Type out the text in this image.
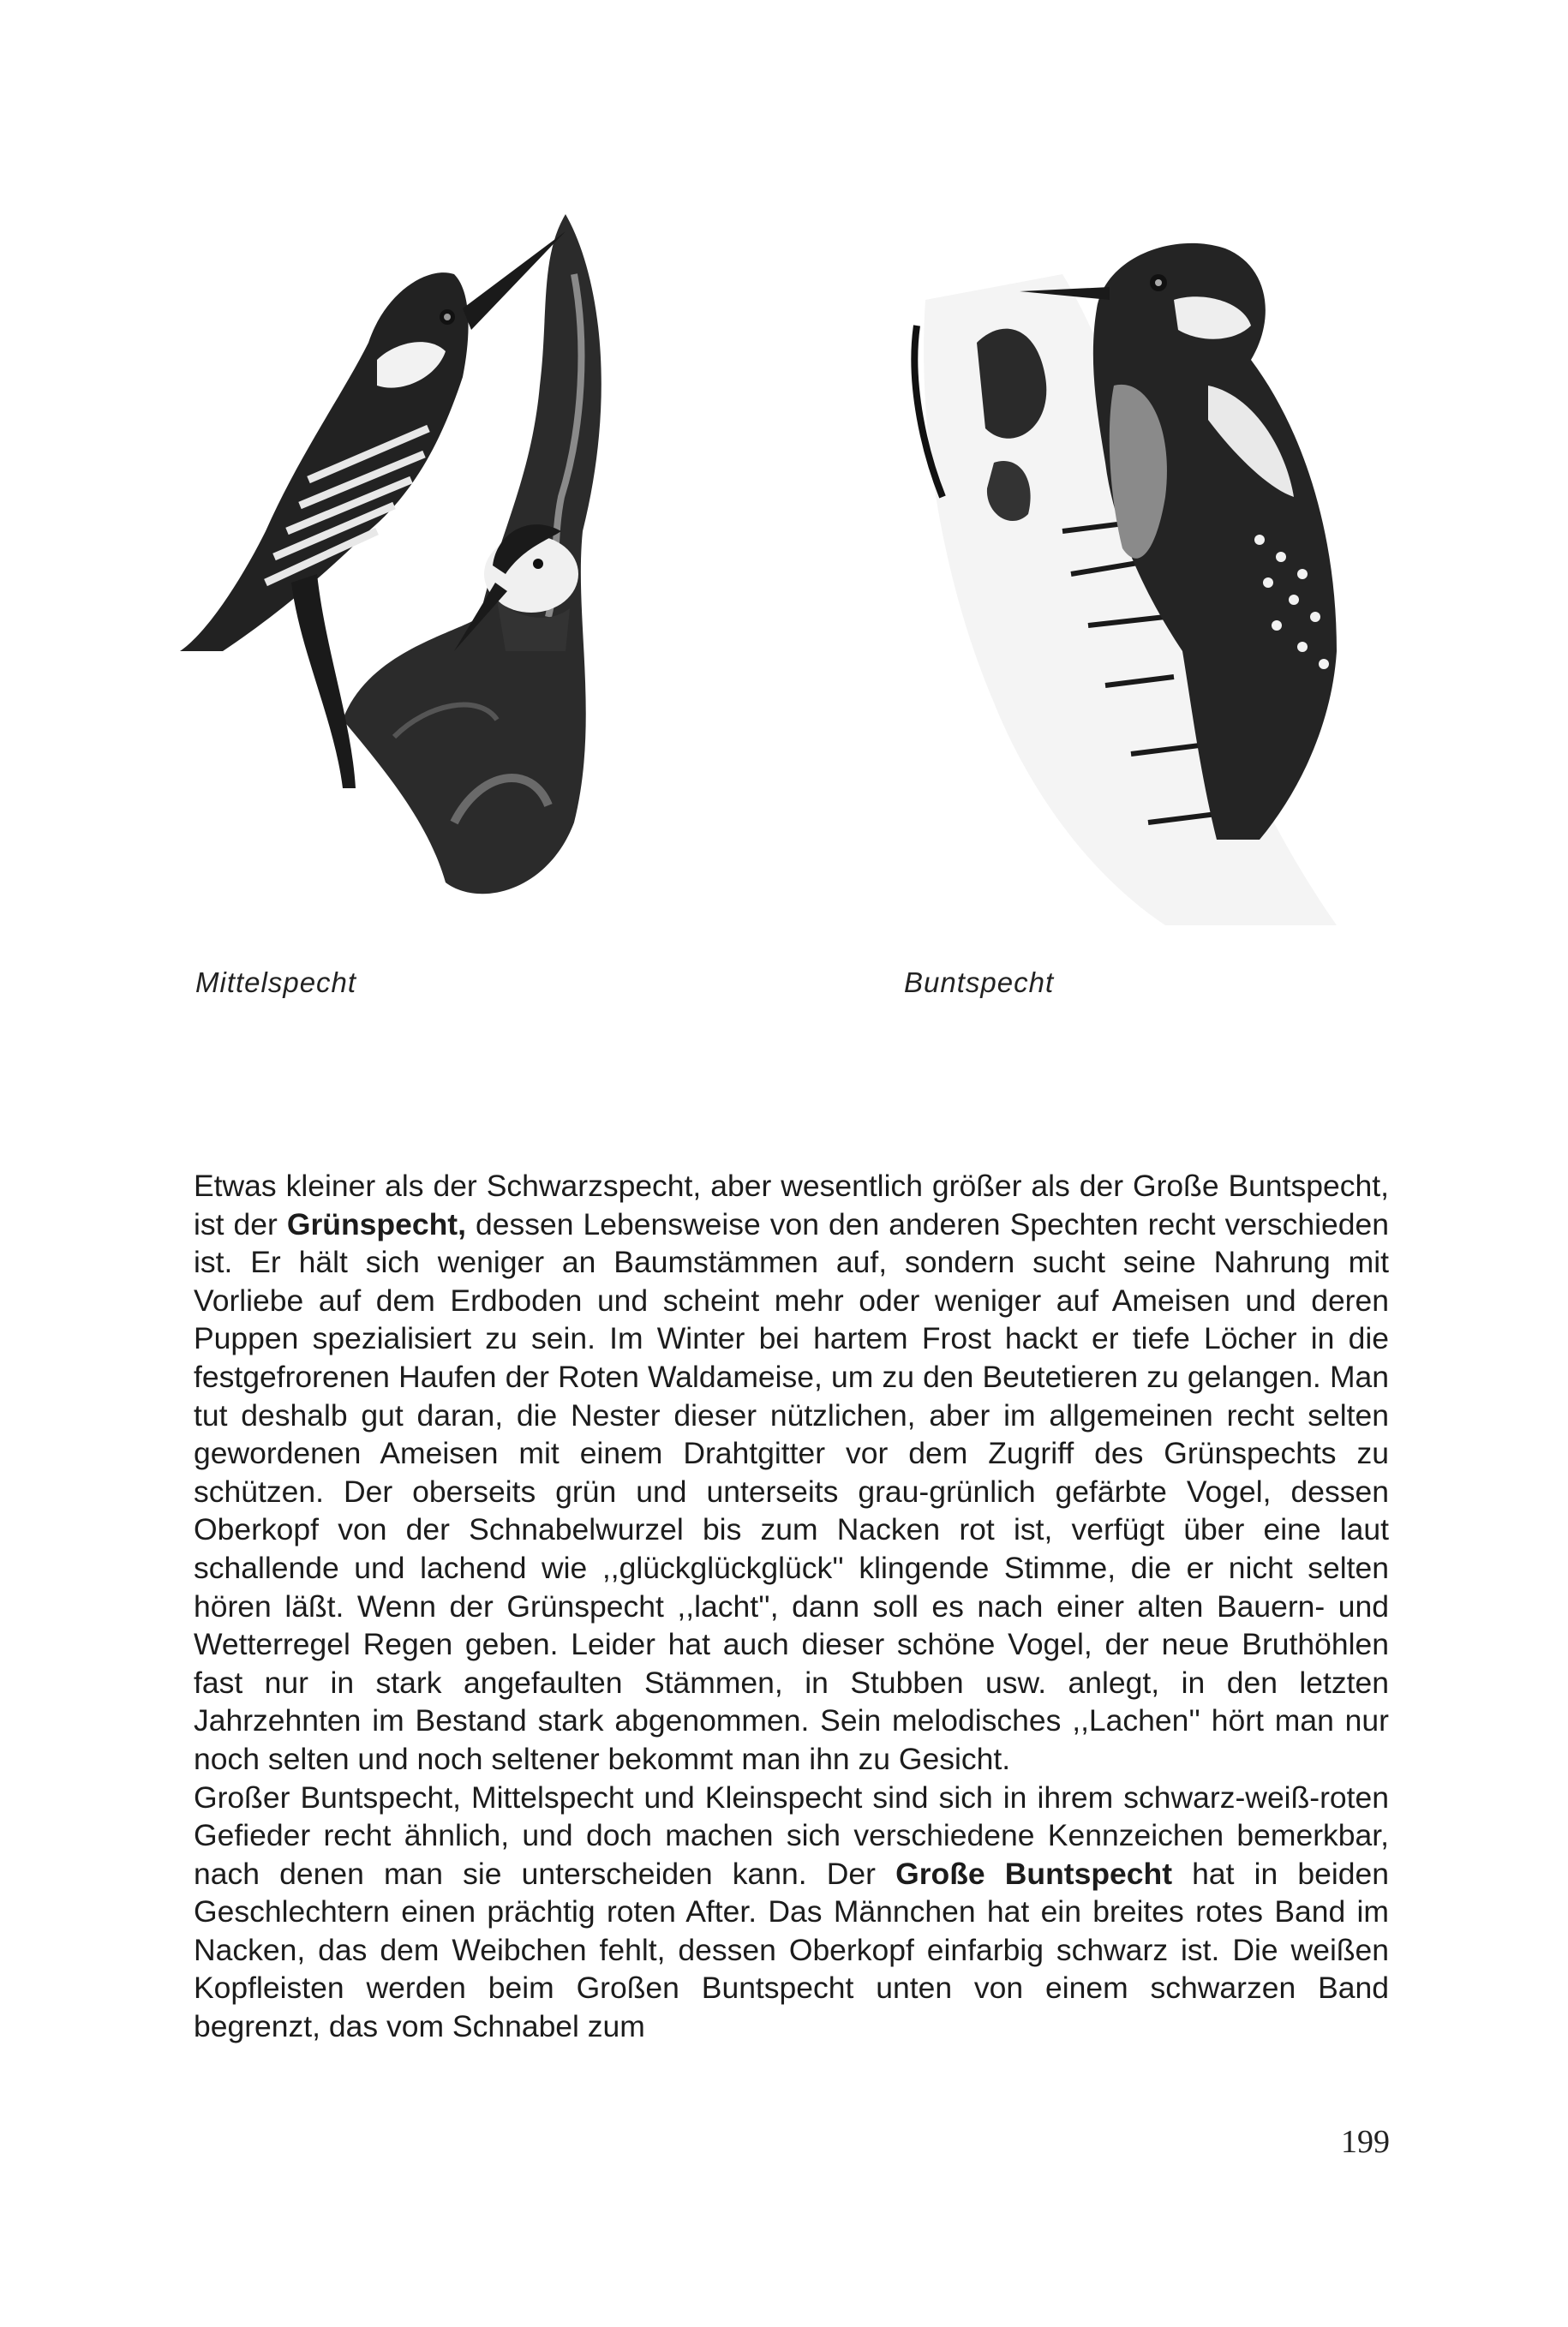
Mittelspecht	Buntspecht

Etwas kleiner als der Schwarzspecht, aber wesentlich größer als der Große Buntspecht, ist der Grünspecht, dessen Lebensweise von den anderen Spechten recht verschieden ist. Er hält sich weniger an Baumstämmen auf, sondern sucht seine Nahrung mit Vorliebe auf dem Erdboden und scheint mehr oder weniger auf Ameisen und deren Puppen spezialisiert zu sein. Im Winter bei hartem Frost hackt er tiefe Löcher in die festgefrorenen Haufen der Roten Waldameise, um zu den Beutetieren zu gelangen. Man tut deshalb gut daran, die Nester dieser nützlichen, aber im allgemeinen recht selten gewordenen Ameisen mit einem Drahtgitter vor dem Zugriff des Grünspechts zu schützen. Der oberseits grün und unterseits grau-grünlich gefärbte Vogel, dessen Oberkopf von der Schnabelwurzel bis zum Nacken rot ist, verfügt über eine laut schallende und lachend wie ,,glückglückglück'' klingende Stimme, die er nicht selten hören läßt. Wenn der Grünspecht ,,lacht'', dann soll es nach einer alten Bauern- und Wetterregel Regen geben. Leider hat auch dieser schöne Vogel, der neue Bruthöhlen fast nur in stark angefaulten Stämmen, in Stubben usw. anlegt, in den letzten Jahrzehnten im Bestand stark abgenommen. Sein melodisches ,,Lachen'' hört man nur noch selten und noch seltener bekommt man ihn zu Gesicht.

Großer Buntspecht, Mittelspecht und Kleinspecht sind sich in ihrem schwarz-weiß-roten Gefieder recht ähnlich, und doch machen sich verschiedene Kennzeichen bemerkbar, nach denen man sie unterscheiden kann. Der Große Buntspecht hat in beiden Geschlechtern einen prächtig roten After. Das Männchen hat ein breites rotes Band im Nacken, das dem Weibchen fehlt, dessen Oberkopf einfarbig schwarz ist. Die weißen Kopfleisten werden beim Großen Buntspecht unten von einem schwarzen Band begrenzt, das vom Schnabel zum

199
